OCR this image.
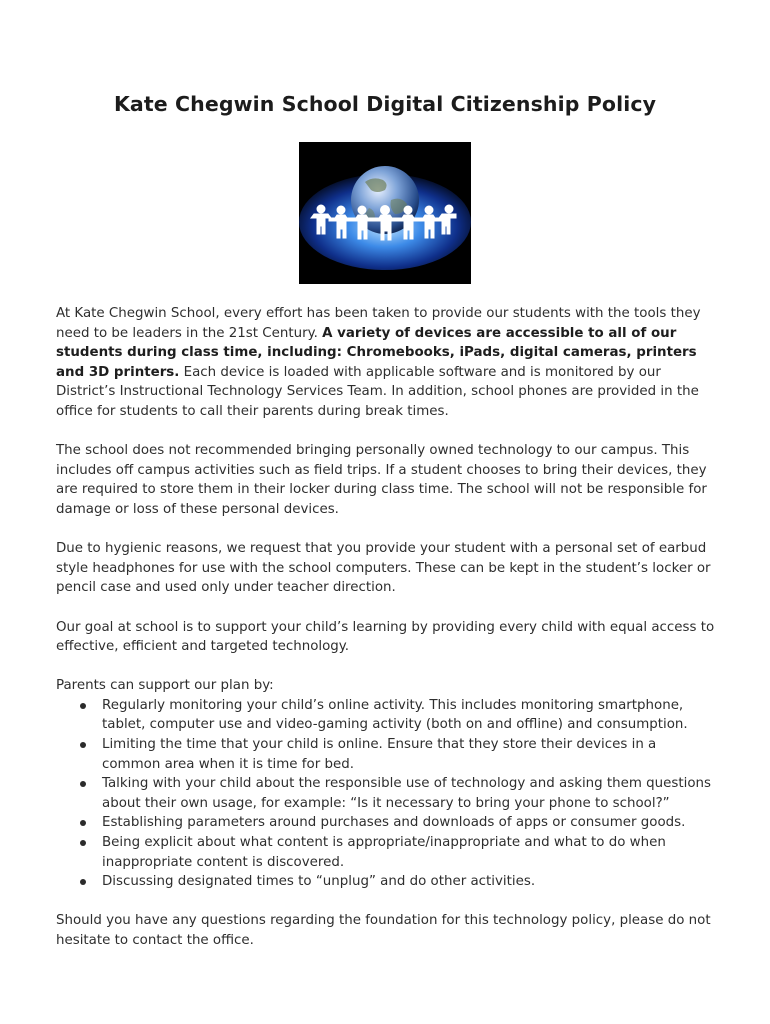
Kate Chegwin School Digital Citizenship Policy

At Kate Chegwin School, every effort has been taken to provide our students with the tools they need to be leaders in the 21st Century. A variety of devices are accessible to all of our students during class time, including: Chromebooks, iPads, digital cameras, printers and 3D printers. Each device is loaded with applicable software and is monitored by our District’s Instructional Technology Services Team. In addition, school phones are provided in the office for students to call their parents during break times.

The school does not recommended bringing personally owned technology to our campus. This includes off campus activities such as field trips. If a student chooses to bring their devices, they are required to store them in their locker during class time. The school will not be responsible for damage or loss of these personal devices.

Due to hygienic reasons, we request that you provide your student with a personal set of earbud style headphones for use with the school computers. These can be kept in the student’s locker or pencil case and used only under teacher direction.

Our goal at school is to support your child’s learning by providing every child with equal access to effective, efficient and targeted technology.

Parents can support our plan by:

Regularly monitoring your child’s online activity. This includes monitoring smartphone, tablet, computer use and video-gaming activity (both on and offline) and consumption.
Limiting the time that your child is online. Ensure that they store their devices in a common area when it is time for bed.
Talking with your child about the responsible use of technology and asking them questions about their own usage, for example: “Is it necessary to bring your phone to school?”
Establishing parameters around purchases and downloads of apps or consumer goods.
Being explicit about what content is appropriate/inappropriate and what to do when inappropriate content is discovered.
Discussing designated times to “unplug” and do other activities.

Should you have any questions regarding the foundation for this technology policy, please do not hesitate to contact the office.
